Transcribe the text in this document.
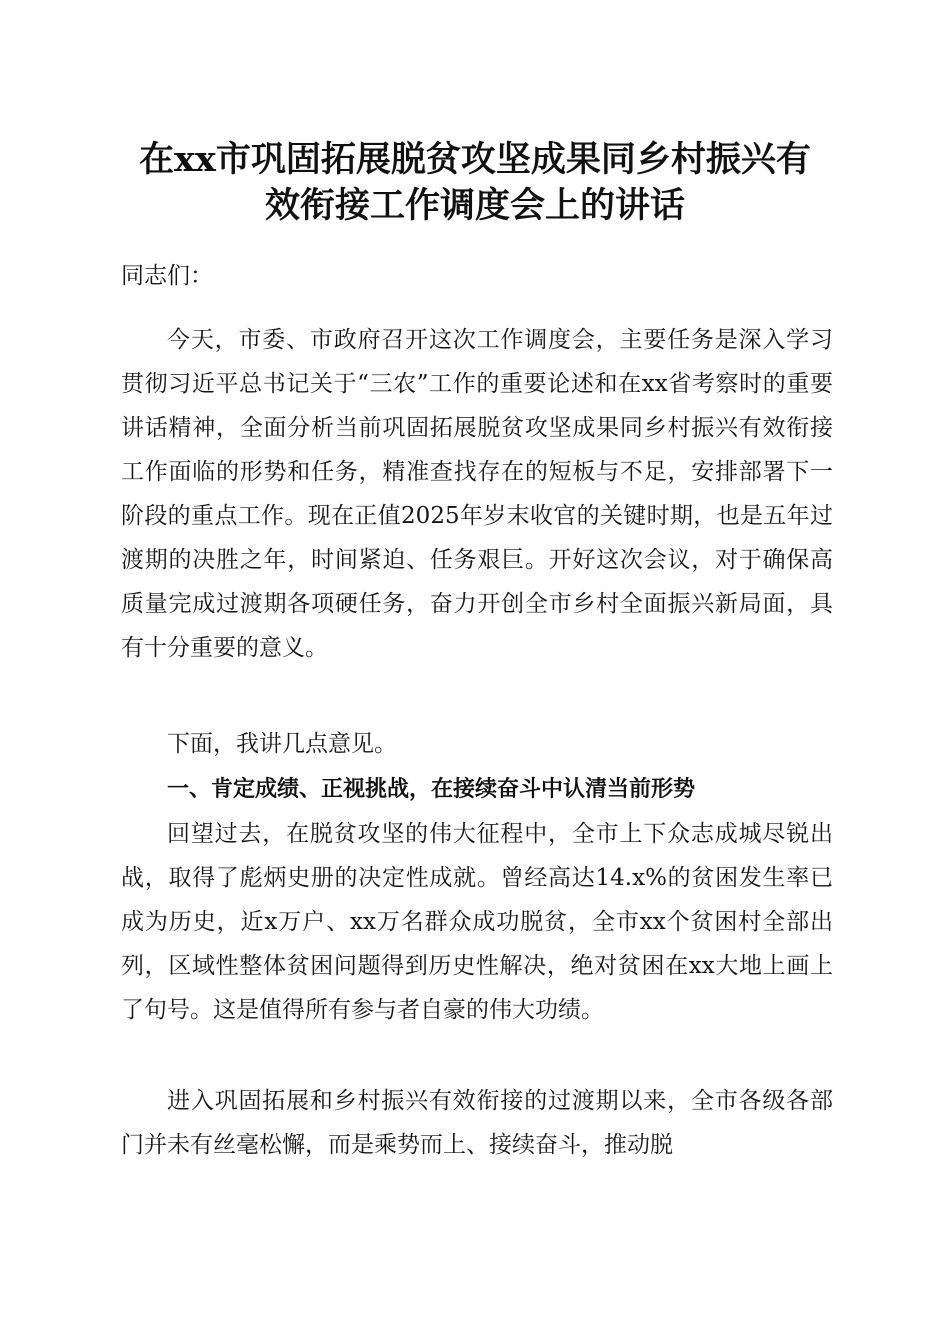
在xx市巩固拓展脱贫攻坚成果同乡村振兴有
效衔接工作调度会上的讲话

同志们：

今天，市委、市政府召开这次工作调度会，主要任务是深入学习贯彻习近平总书记关于“三农”工作的重要论述和在xx省考察时的重要讲话精神，全面分析当前巩固拓展脱贫攻坚成果同乡村振兴有效衔接工作面临的形势和任务，精准查找存在的短板与不足，安排部署下一阶段的重点工作。现在正值2025年岁末收官的关键时期，也是五年过渡期的决胜之年，时间紧迫、任务艰巨。开好这次会议，对于确保高质量完成过渡期各项硬任务，奋力开创全市乡村全面振兴新局面，具有十分重要的意义。

下面，我讲几点意见。

一、肯定成绩、正视挑战，在接续奋斗中认清当前形势

回望过去，在脱贫攻坚的伟大征程中，全市上下众志成城尽锐出战，取得了彪炳史册的决定性成就。曾经高达14.x%的贫困发生率已成为历史，近x万户、xx万名群众成功脱贫，全市xx个贫困村全部出列，区域性整体贫困问题得到历史性解决，绝对贫困在xx大地上画上了句号。这是值得所有参与者自豪的伟大功绩。

进入巩固拓展和乡村振兴有效衔接的过渡期以来，全市各级各部门并未有丝毫松懈，而是乘势而上、接续奋斗，推动脱
